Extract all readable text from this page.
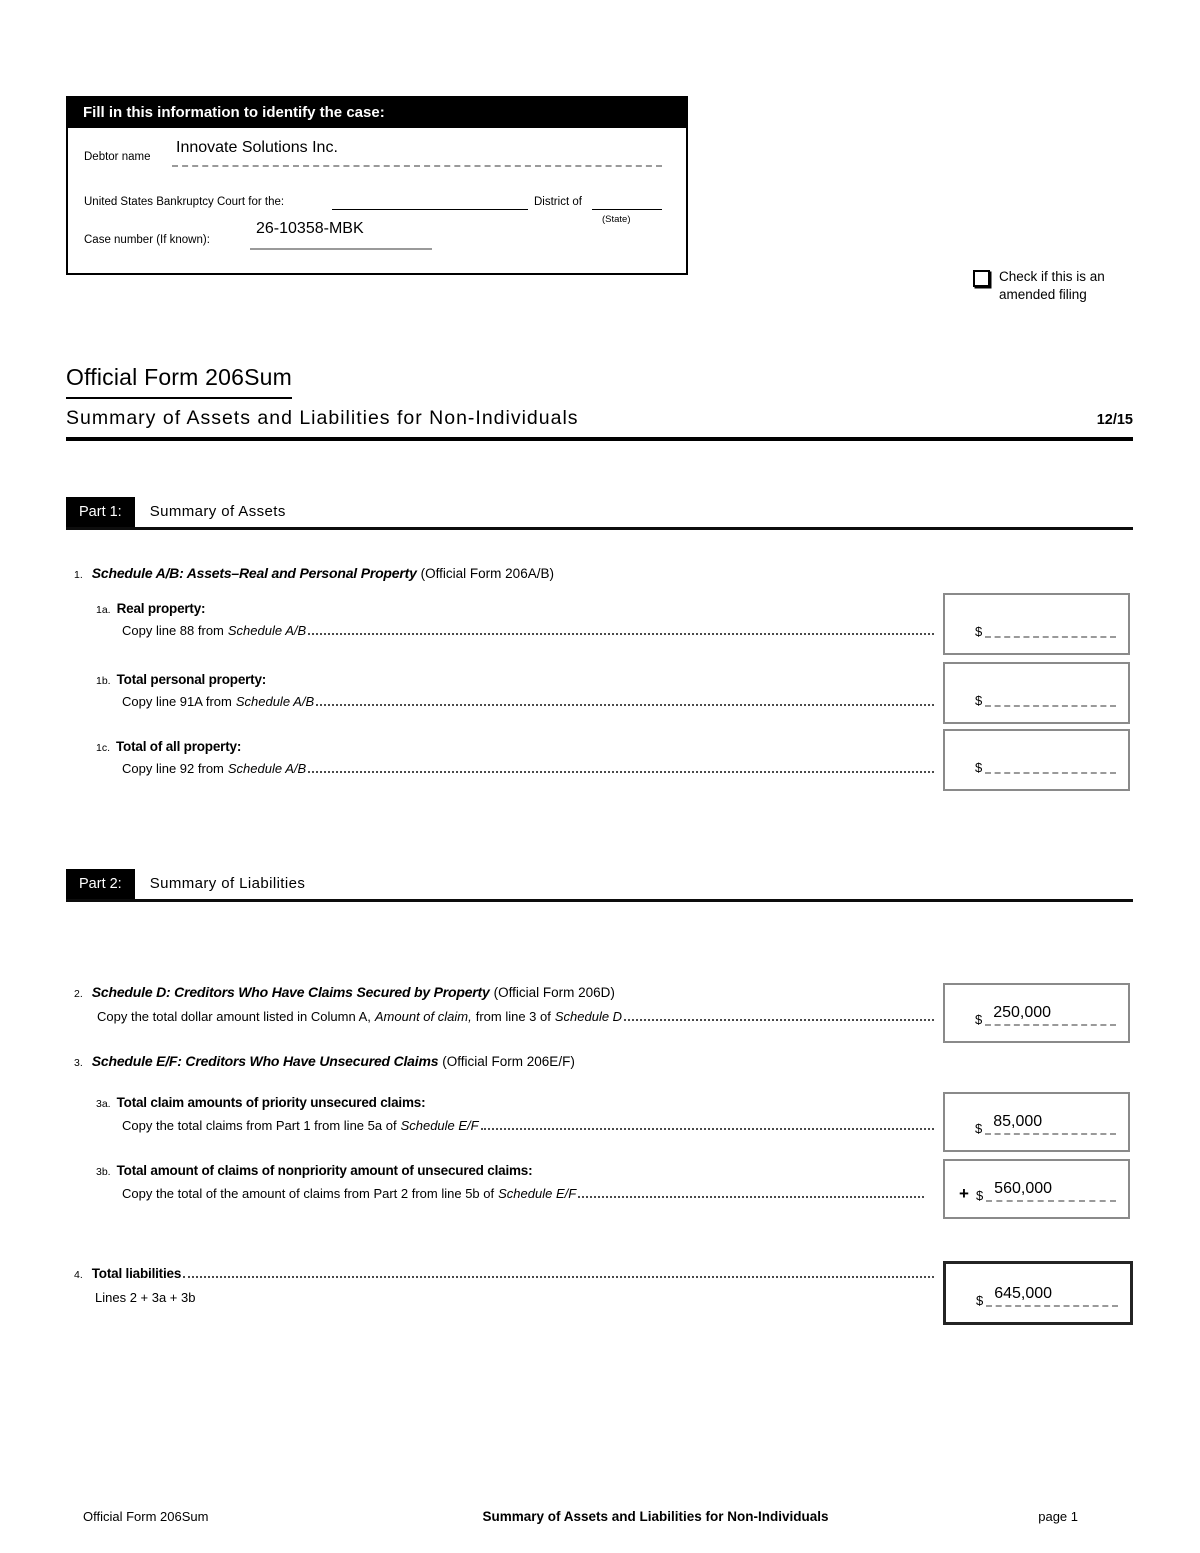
Fill in this information to identify the case:
Debtor name
Innovate Solutions Inc.
United States Bankruptcy Court for the:	District of
(State)
Case number (If known):
26-10358-MBK
Check if this is an amended filing
Official Form 206Sum
Summary of Assets and Liabilities for Non-Individuals	12/15
Part 1: Summary of Assets
1. Schedule A/B: Assets–Real and Personal Property (Official Form 206A/B)
1a. Real property:
Copy line 88 from Schedule A/B	$
1b. Total personal property:
Copy line 91A from Schedule A/B	$
1c. Total of all property:
Copy line 92 from Schedule A/B	$
Part 2: Summary of Liabilities
2. Schedule D: Creditors Who Have Claims Secured by Property (Official Form 206D)
Copy the total dollar amount listed in Column A, Amount of claim, from line 3 of Schedule D	$ 250,000
3. Schedule E/F: Creditors Who Have Unsecured Claims (Official Form 206E/F)
3a. Total claim amounts of priority unsecured claims:
Copy the total claims from Part 1 from line 5a of Schedule E/F	$ 85,000
3b. Total amount of claims of nonpriority amount of unsecured claims:
Copy the total of the amount of claims from Part 2 from line 5b of Schedule E/F	+ $ 560,000
4. Total liabilities
Lines 2 + 3a + 3b	$ 645,000
Official Form 206Sum	Summary of Assets and Liabilities for Non-Individuals	page 1
